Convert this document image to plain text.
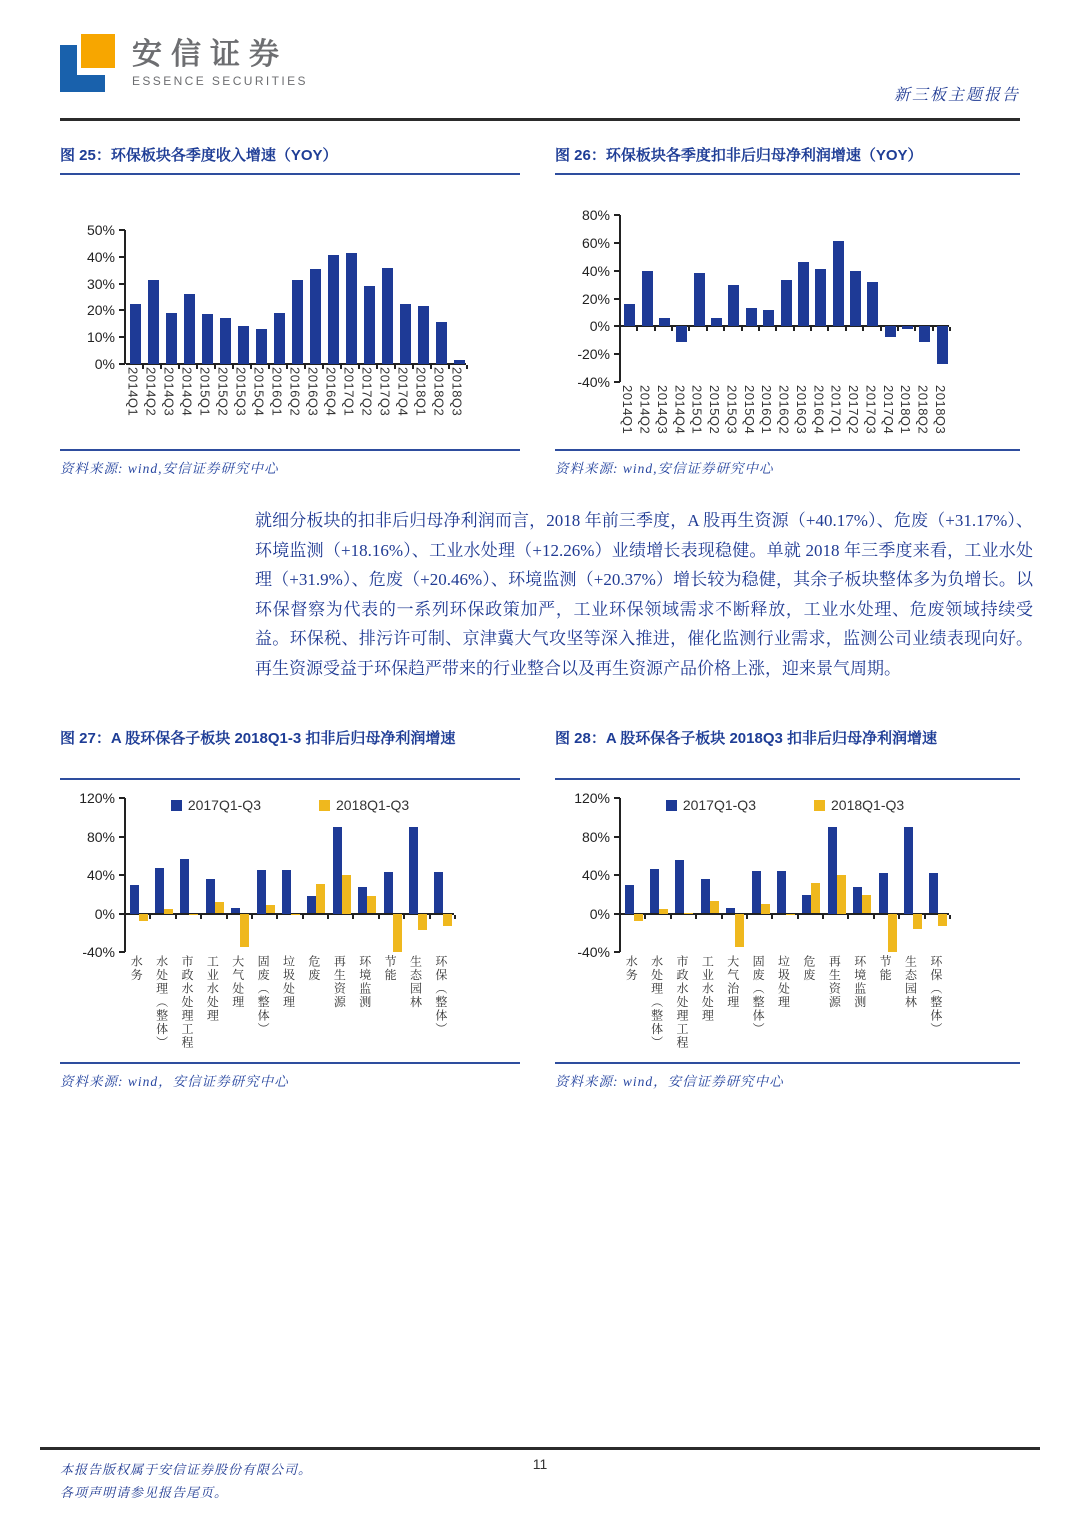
安信证券
ESSENCE SECURITIES
新三板主题报告
图 25：环保板块各季度收入增速（YOY）
0%
10%
20%
30%
40%
50%
2014Q1 2014Q2 2014Q3 2014Q4 2015Q1 2015Q2 2015Q3 2015Q4 2016Q1 2016Q2 2016Q3 2016Q4 2017Q1 2017Q2 2017Q3 2017Q4 2018Q1 2018Q2 2018Q3
资料来源: wind,安信证券研究中心
图 26：环保板块各季度扣非后归母净利润增速（YOY）
-40%
-20%
0%
20%
40%
60%
80%
2014Q1 2014Q2 2014Q3 2014Q4 2015Q1 2015Q2 2015Q3 2015Q4 2016Q1 2016Q2 2016Q3 2016Q4 2017Q1 2017Q2 2017Q3 2017Q4 2018Q1 2018Q2 2018Q3
资料来源: wind,安信证券研究中心
就细分板块的扣非后归母净利润而言，2018 年前三季度，A 股再生资源（+40.17%）、危废（+31.17%）、环境监测（+18.16%）、工业水处理（+12.26%）业绩增长表现稳健。单就 2018 年三季度来看，工业水处理（+31.9%）、危废（+20.46%）、环境监测（+20.37%）增长较为稳健，其余子板块整体多为负增长。以环保督察为代表的一系列环保政策加严，工业环保领域需求不断释放，工业水处理、危废领域持续受益。环保税、排污许可制、京津冀大气攻坚等深入推进，催化监测行业需求，监测公司业绩表现向好。再生资源受益于环保趋严带来的行业整合以及再生资源产品价格上涨，迎来景气周期。
图 27：A 股环保各子板块 2018Q1-3 扣非后归母净利润增速
-40%
0%
40%
80%
120%	2017Q1-Q3	2018Q1-Q3
水务 水处理（整体） 市政水处理工程 工业水处理 大气处理 固废（整体） 垃圾处理 危废 再生资源 环境监测 节能 生态园林 环保（整体）
资料来源: wind，安信证券研究中心
图 28：A 股环保各子板块 2018Q3 扣非后归母净利润增速
-40%
0%
40%
80%
120%	2017Q1-Q3	2018Q1-Q3
水务 水处理（整体） 市政水处理工程 工业水处理 大气治理 固废（整体） 垃圾处理 危废 再生资源 环境监测 节能 生态园林 环保（整体）
资料来源: wind，安信证券研究中心
本报告版权属于安信证券股份有限公司。
各项声明请参见报告尾页。
11
